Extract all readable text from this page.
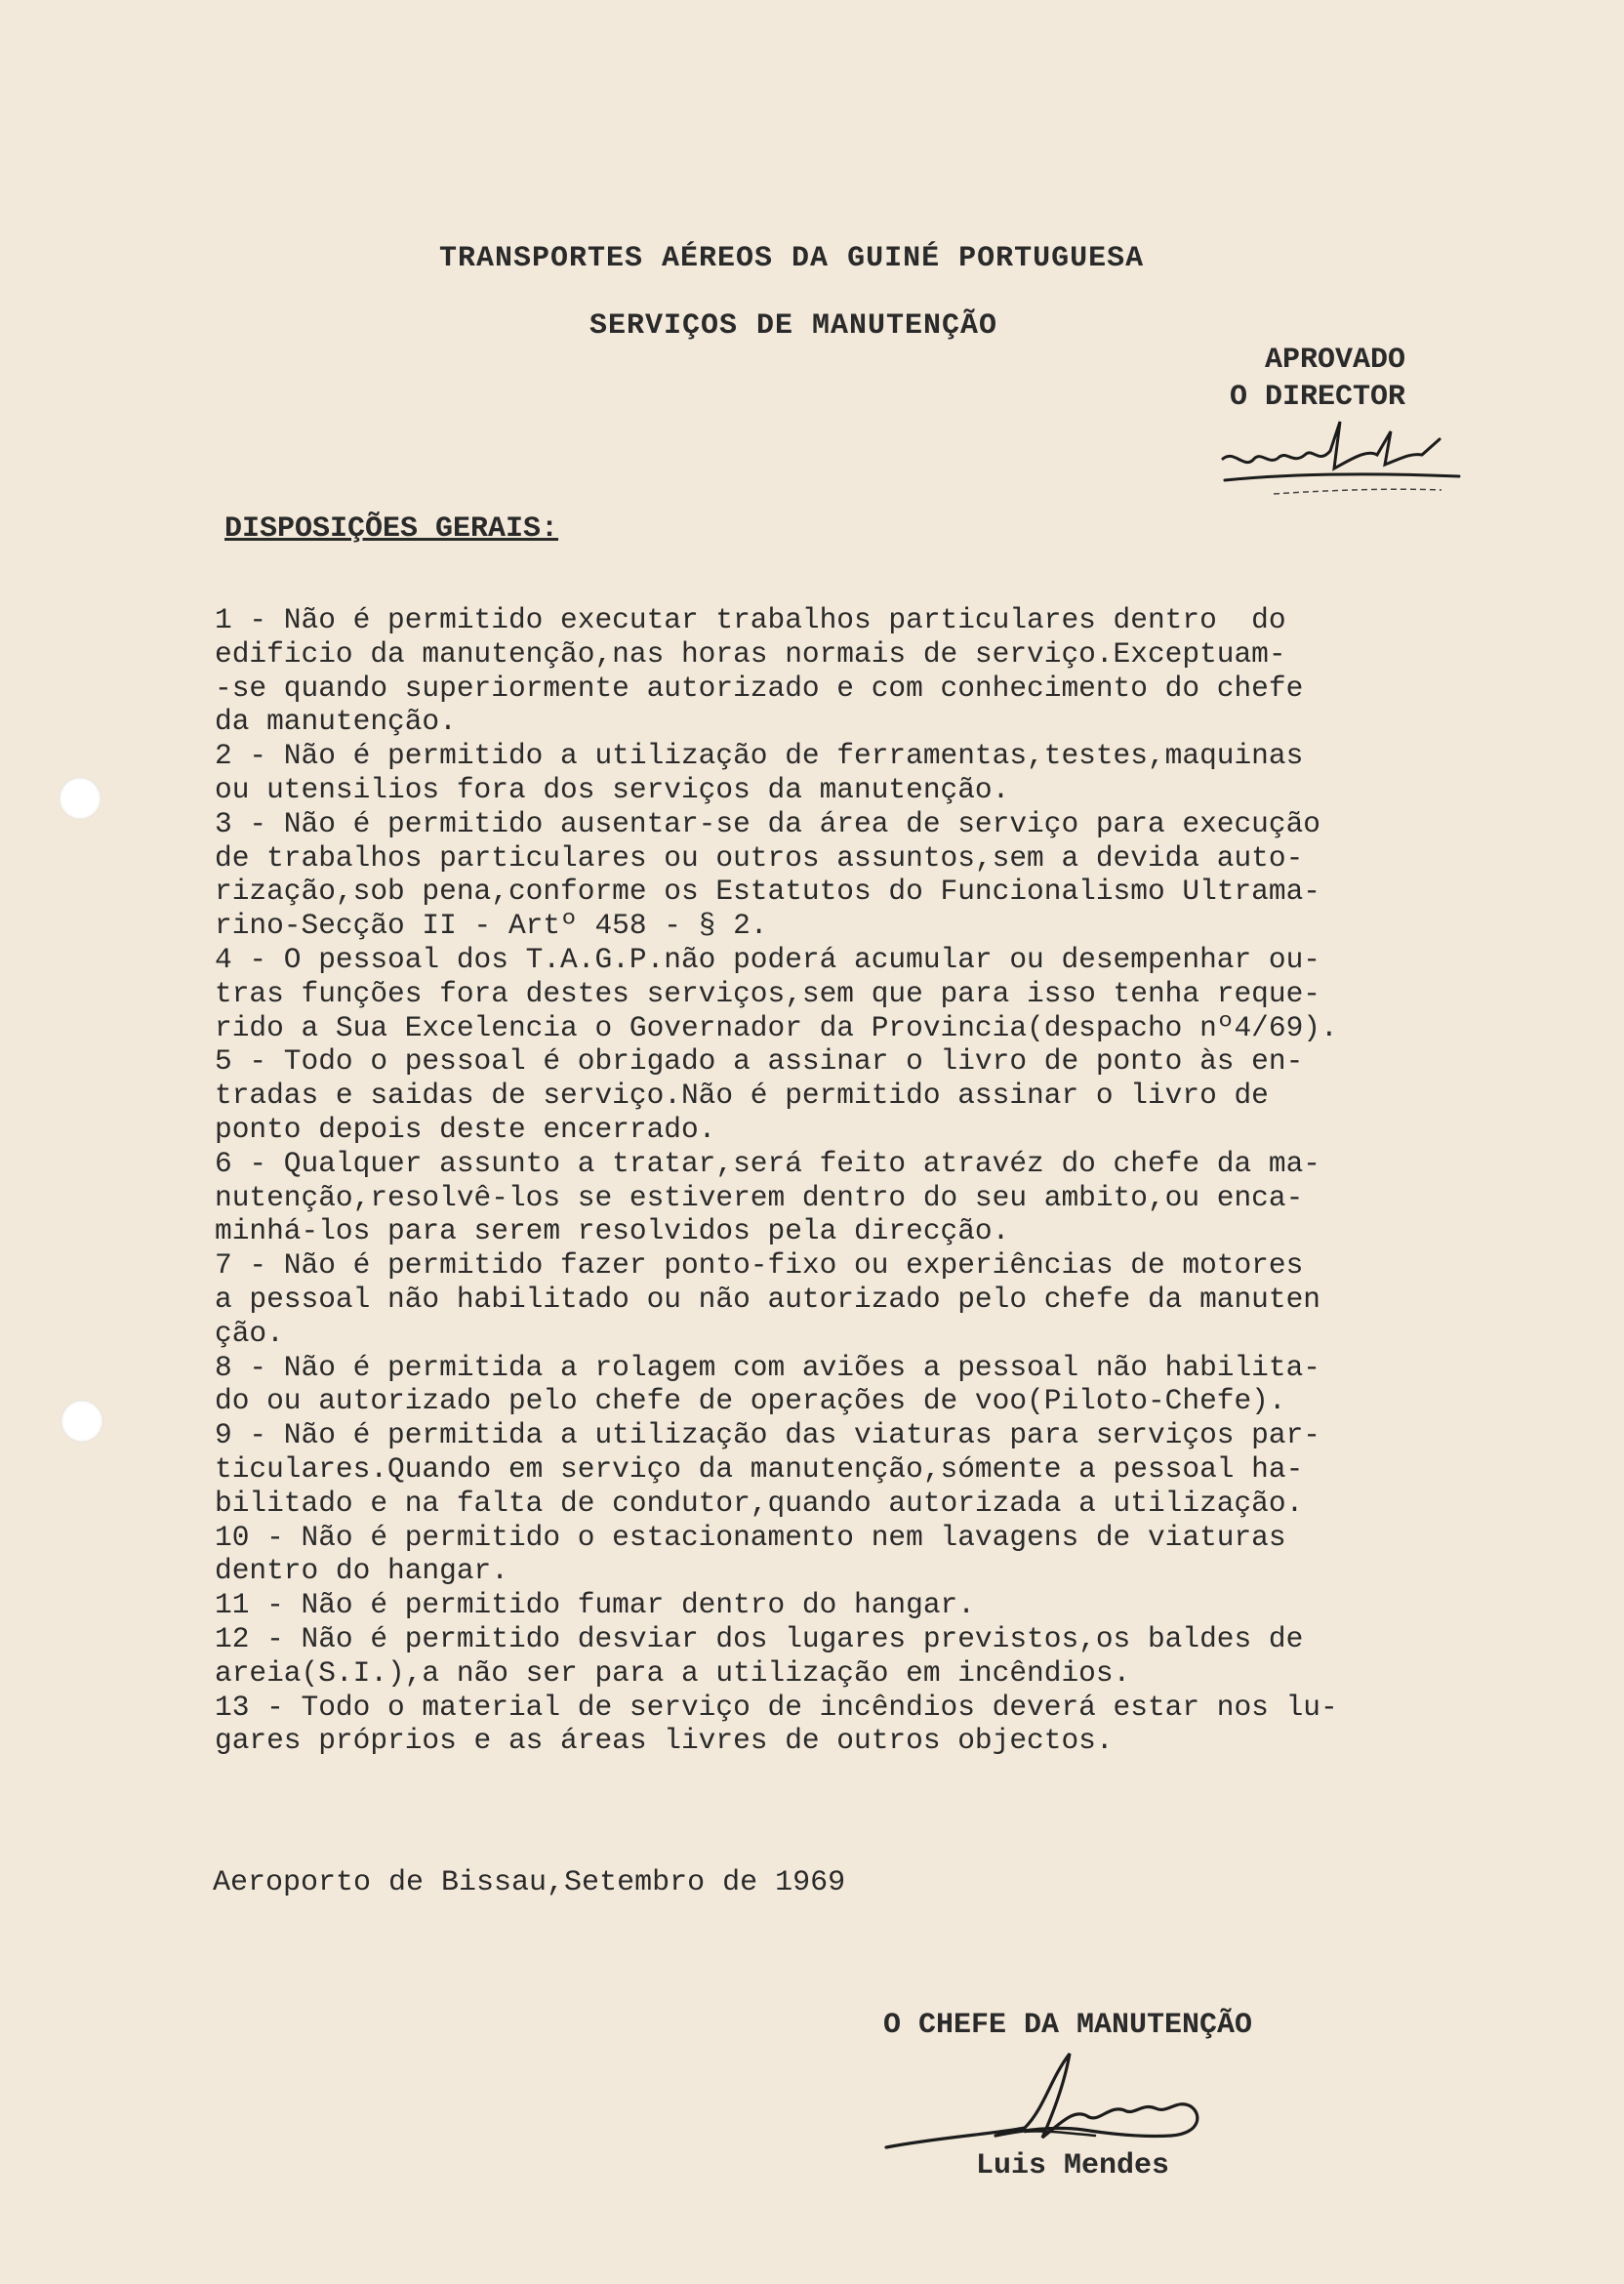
TRANSPORTES AÉREOS DA GUINÉ PORTUGUESA
SERVIÇOS DE MANUTENÇÃO
APROVADO
O DIRECTOR
DISPOSIÇÕES GERAIS:
1 - Não é permitido executar trabalhos particulares dentro  do
edificio da manutenção,nas horas normais de serviço.Exceptuam-
-se quando superiormente autorizado e com conhecimento do chefe
da manutenção.
2 - Não é permitido a utilização de ferramentas,testes,maquinas
ou utensilios fora dos serviços da manutenção.
3 - Não é permitido ausentar-se da área de serviço para execução
de trabalhos particulares ou outros assuntos,sem a devida auto-
rização,sob pena,conforme os Estatutos do Funcionalismo Ultrama-
rino-Secção II - Artº 458 - § 2.
4 - O pessoal dos T.A.G.P.não poderá acumular ou desempenhar ou-
tras funções fora destes serviços,sem que para isso tenha reque-
rido a Sua Excelencia o Governador da Provincia(despacho nº4/69).
5 - Todo o pessoal é obrigado a assinar o livro de ponto às en-
tradas e saidas de serviço.Não é permitido assinar o livro de
ponto depois deste encerrado.
6 - Qualquer assunto a tratar,será feito atravéz do chefe da ma-
nutenção,resolvê-los se estiverem dentro do seu ambito,ou enca-
minhá-los para serem resolvidos pela direcção.
7 - Não é permitido fazer ponto-fixo ou experiências de motores
a pessoal não habilitado ou não autorizado pelo chefe da manuten
ção.
8 - Não é permitida a rolagem com aviões a pessoal não habilita-
do ou autorizado pelo chefe de operações de voo(Piloto-Chefe).
9 - Não é permitida a utilização das viaturas para serviços par-
ticulares.Quando em serviço da manutenção,sómente a pessoal ha-
bilitado e na falta de condutor,quando autorizada a utilização.
10 - Não é permitido o estacionamento nem lavagens de viaturas
dentro do hangar.
11 - Não é permitido fumar dentro do hangar.
12 - Não é permitido desviar dos lugares previstos,os baldes de
areia(S.I.),a não ser para a utilização em incêndios.
13 - Todo o material de serviço de incêndios deverá estar nos lu-
gares próprios e as áreas livres de outros objectos.
Aeroporto de Bissau,Setembro de 1969
O CHEFE DA MANUTENÇÃO
Luis Mendes
